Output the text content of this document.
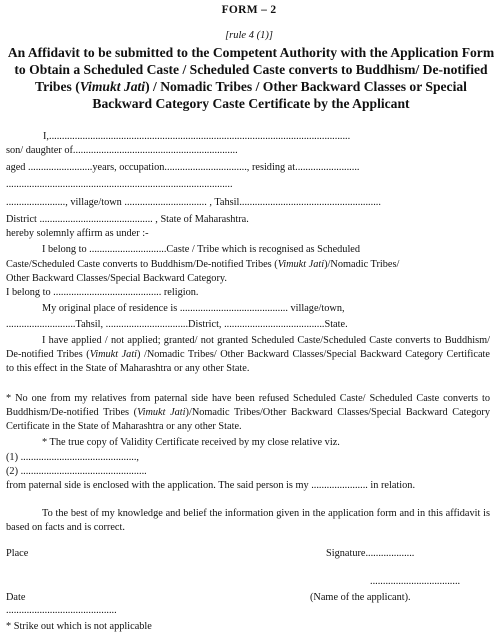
FORM – 2
[rule 4 (1)]
An Affidavit to be submitted to the Competent Authority with the Application Form to Obtain a Scheduled Caste / Scheduled Caste converts to Buddhism/ De-notified Tribes (Vimukt Jati) / Nomadic Tribes / Other Backward Classes or Special Backward Category Caste Certificate by the Applicant
I,.....................................................................................................................
son/ daughter of................................................................
aged .........................years, occupation................................, residing at.........................
........................................................................................
......................., village/town ................................ , Tahsil.......................................................
District ............................................ , State of Maharashtra.
hereby solemnly affirm as under :-
I belong to ..............................Caste / Tribe which is recognised as Scheduled
Caste/Scheduled Caste converts to Buddhism/De-notified Tribes (Vimukt Jati)/Nomadic Tribes/
Other Backward Classes/Special Backward Category.
I belong to .......................................... religion.
My original place of residence is .......................................... village/town,
...........................Tahsil, ................................District, .......................................State.
I have applied / not applied; granted/ not granted Scheduled Caste/Scheduled Caste converts to Buddhism/ De-notified Tribes (Vimukt Jati) /Nomadic Tribes/ Other Backward Classes/Special Backward Category Certificate to this effect in the State of Maharashtra or any other State.
* No one from my relatives from paternal side have been refused Scheduled Caste/ Scheduled Caste converts to Buddhism/De-notified Tribes (Vimukt Jati)/Nomadic Tribes/Other Backward Classes/Special Backward Category Certificate in the State of Maharashtra or any other State.
* The true copy of Validity Certificate received by my close relative viz.
(1) .............................................,
(2) .................................................
from paternal side is enclosed with the application. The said person is my ...................... in relation.
To the best of my knowledge and belief the information given in the application form and in this affidavit is based on facts and is correct.
Place	Signature...................
...................................
Date	(Name of the applicant).
...........................................
* Strike out which is not applicable
